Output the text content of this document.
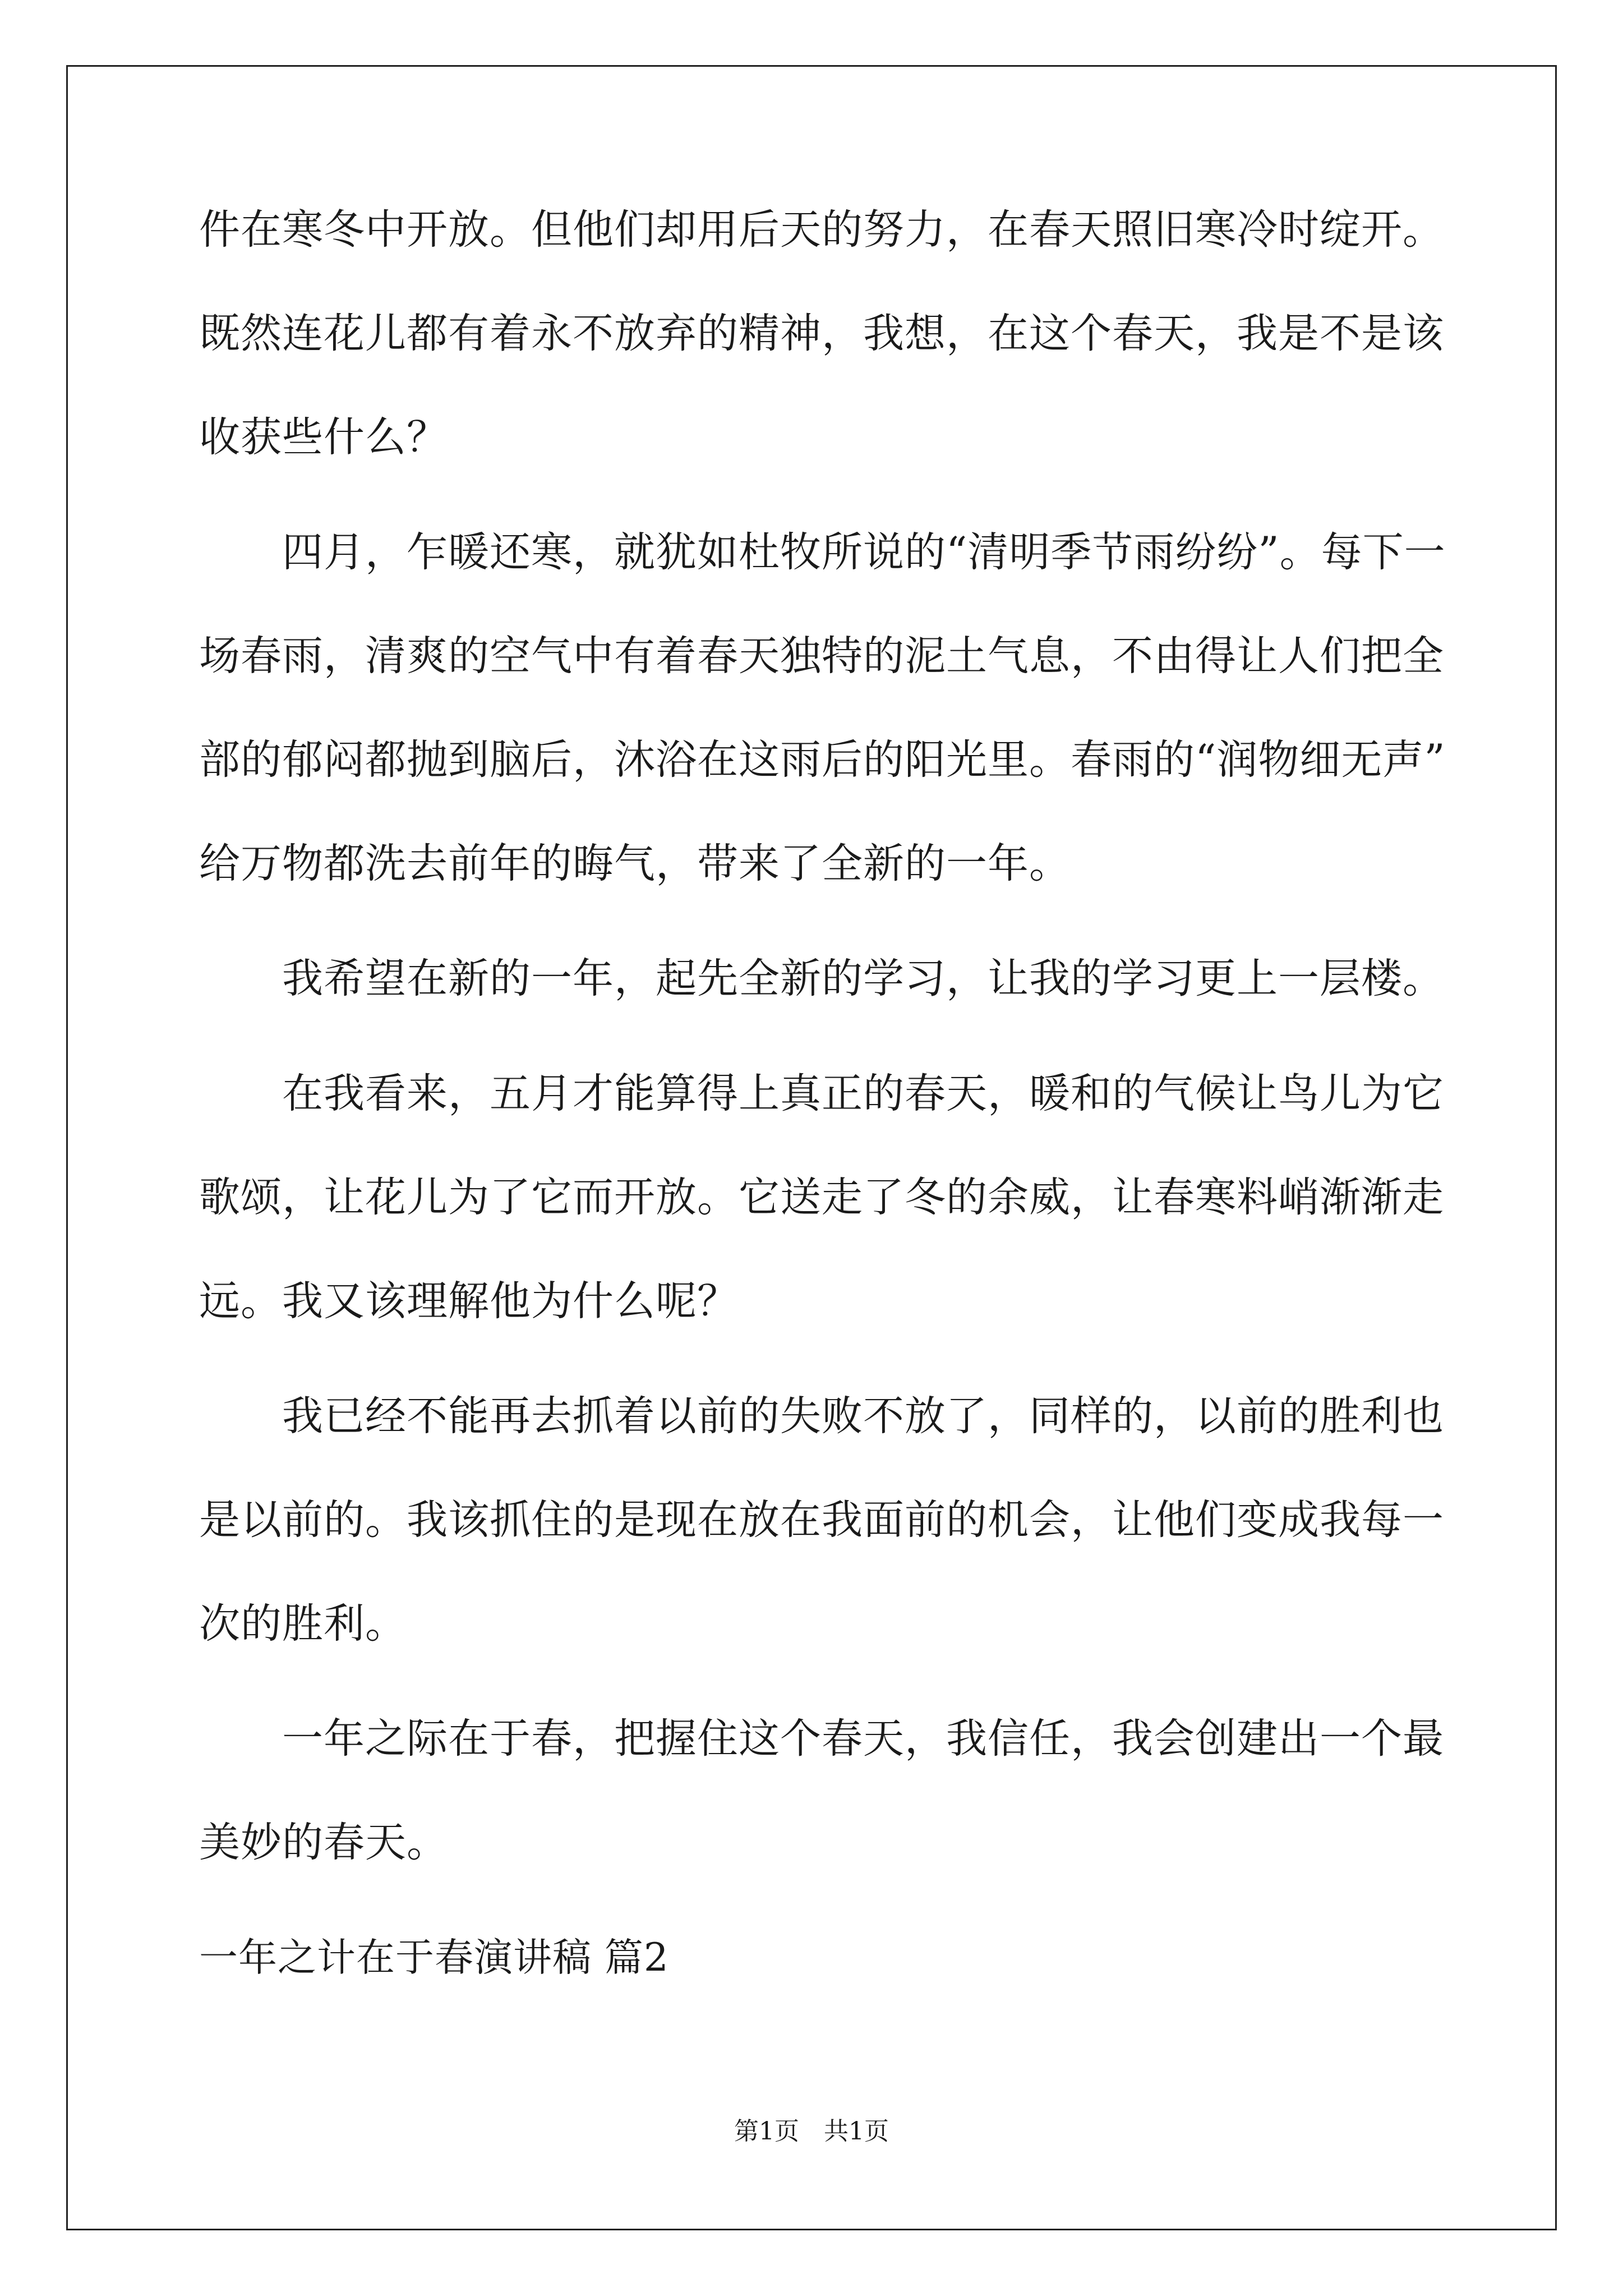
件在寒冬中开放。但他们却用后天的努力，在春天照旧寒冷时绽开。
既然连花儿都有着永不放弃的精神，我想，在这个春天，我是不是该
收获些什么？
　　四月，乍暖还寒，就犹如杜牧所说的“清明季节雨纷纷”。每下一
场春雨，清爽的空气中有着春天独特的泥土气息，不由得让人们把全
部的郁闷都抛到脑后，沐浴在这雨后的阳光里。春雨的“润物细无声”
给万物都洗去前年的晦气，带来了全新的一年。
　　我希望在新的一年，起先全新的学习，让我的学习更上一层楼。
　　在我看来，五月才能算得上真正的春天，暖和的气候让鸟儿为它
歌颂，让花儿为了它而开放。它送走了冬的余威，让春寒料峭渐渐走
远。我又该理解他为什么呢？
　　我已经不能再去抓着以前的失败不放了，同样的，以前的胜利也
是以前的。我该抓住的是现在放在我面前的机会，让他们变成我每一
次的胜利。
　　一年之际在于春，把握住这个春天，我信任，我会创建出一个最
美妙的春天。
一年之计在于春演讲稿 篇2
第1页　共1页
